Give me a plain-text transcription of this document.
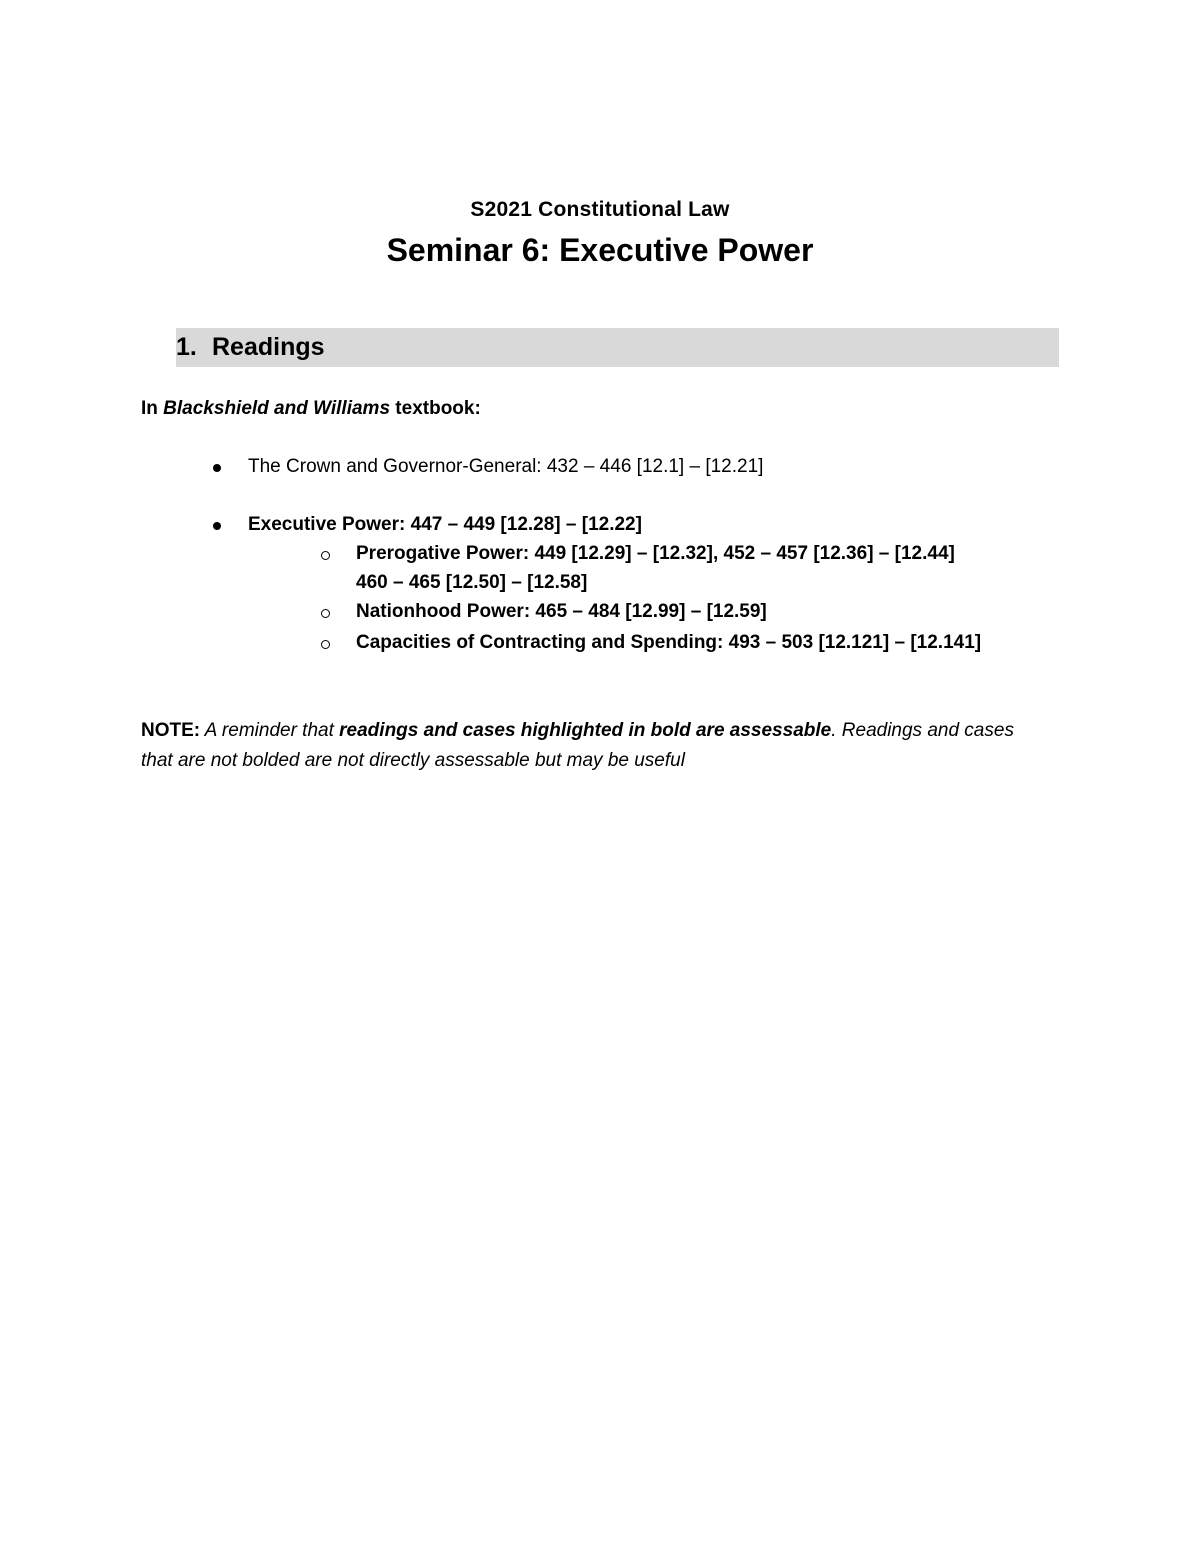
S2021 Constitutional Law
Seminar 6: Executive Power
1. Readings
In Blackshield and Williams textbook:
The Crown and Governor-General: 432 – 446 [12.1] – [12.21]
Executive Power: 447 – 449 [12.28] – [12.22]
Prerogative Power: 449 [12.29] – [12.32], 452 – 457 [12.36] – [12.44]
460 – 465 [12.50] – [12.58]
Nationhood Power: 465 – 484 [12.99] – [12.59]
Capacities of Contracting and Spending: 493 – 503 [12.121] – [12.141]
NOTE: A reminder that readings and cases highlighted in bold are assessable. Readings and cases that are not bolded are not directly assessable but may be useful
